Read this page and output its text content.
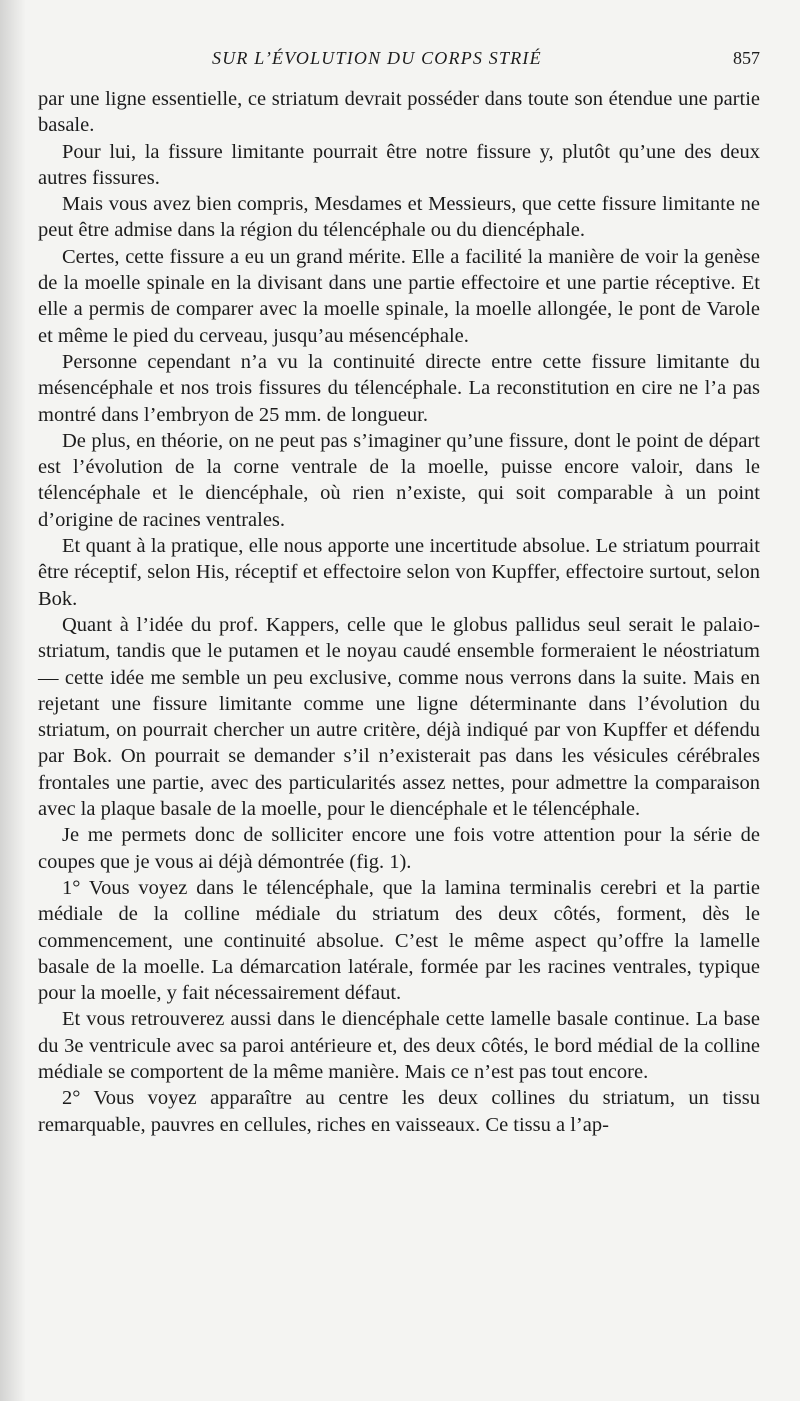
SUR L’ÉVOLUTION DU CORPS STRIÉ	857

par une ligne essentielle, ce striatum devrait posséder dans toute son étendue une partie basale.

Pour lui, la fissure limitante pourrait être notre fissure y, plutôt qu’une des deux autres fissures.

Mais vous avez bien compris, Mesdames et Messieurs, que cette fissure limitante ne peut être admise dans la région du télencéphale ou du diencéphale.

Certes, cette fissure a eu un grand mérite. Elle a facilité la manière de voir la genèse de la moelle spinale en la divisant dans une partie effectoire et une partie réceptive. Et elle a permis de comparer avec la moelle spinale, la moelle allongée, le pont de Varole et même le pied du cerveau, jusqu’au mésencéphale.

Personne cependant n’a vu la continuité directe entre cette fissure limitante du mésencéphale et nos trois fissures du télencéphale. La reconstitution en cire ne l’a pas montré dans l’embryon de 25 mm. de longueur.

De plus, en théorie, on ne peut pas s’imaginer qu’une fissure, dont le point de départ est l’évolution de la corne ventrale de la moelle, puisse encore valoir, dans le télencéphale et le diencéphale, où rien n’existe, qui soit comparable à un point d’origine de racines ventrales.

Et quant à la pratique, elle nous apporte une incertitude absolue. Le striatum pourrait être réceptif, selon His, réceptif et effectoire selon von Kupffer, effectoire surtout, selon Bok.

Quant à l’idée du prof. Kappers, celle que le globus pallidus seul serait le palaio-striatum, tandis que le putamen et le noyau caudé ensemble formeraient le néostriatum — cette idée me semble un peu exclusive, comme nous verrons dans la suite. Mais en rejetant une fissure limitante comme une ligne déterminante dans l’évolution du striatum, on pourrait chercher un autre critère, déjà indiqué par von Kupffer et défendu par Bok. On pourrait se demander s’il n’existerait pas dans les vésicules cérébrales frontales une partie, avec des particularités assez nettes, pour admettre la comparaison avec la plaque basale de la moelle, pour le diencéphale et le télencéphale.

Je me permets donc de solliciter encore une fois votre attention pour la série de coupes que je vous ai déjà démontrée (fig. 1).

1° Vous voyez dans le télencéphale, que la lamina terminalis cerebri et la partie médiale de la colline médiale du striatum des deux côtés, forment, dès le commencement, une continuité absolue. C’est le même aspect qu’offre la lamelle basale de la moelle. La démarcation latérale, formée par les racines ventrales, typique pour la moelle, y fait nécessairement défaut.

Et vous retrouverez aussi dans le diencéphale cette lamelle basale continue. La base du 3e ventricule avec sa paroi antérieure et, des deux côtés, le bord médial de la colline médiale se comportent de la même manière. Mais ce n’est pas tout encore.

2° Vous voyez apparaître au centre les deux collines du striatum, un tissu remarquable, pauvres en cellules, riches en vaisseaux. Ce tissu a l’ap-
